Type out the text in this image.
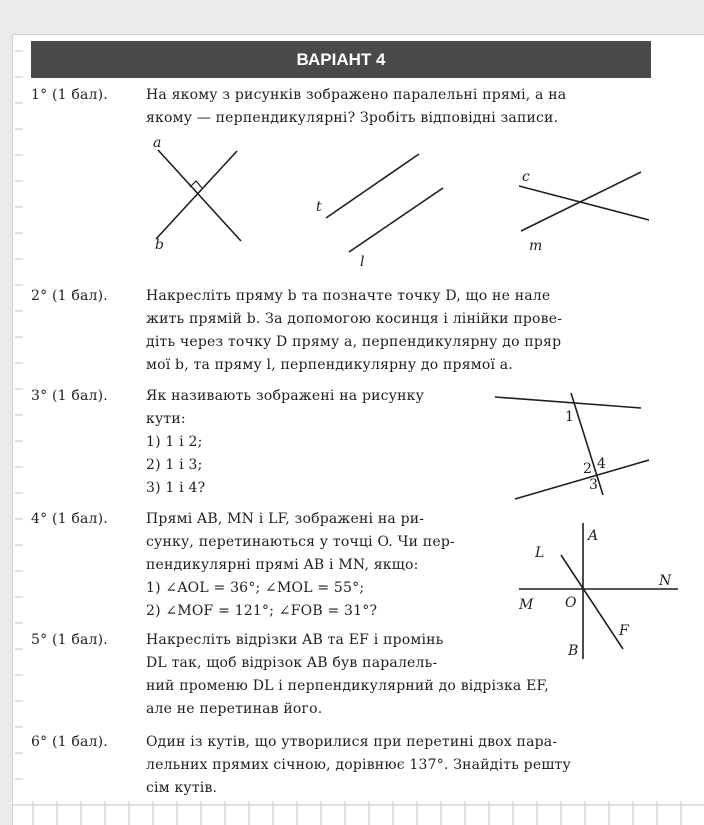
ВАРІАНТ 4
1° (1 бал).	На якому з рисунків зображено паралельні прямі, а на
якому — перпендикулярні? Зробіть відповідні записи.
a
b
t
l
c
m
2° (1 бал).	Накресліть пряму b та позначте точку D, що не нале
жить прямій b. За допомогою косинця і лінійки прове-
діть через точку D пряму a, перпендикулярну до пряр
мої b, та пряму l, перпендикулярну до прямої a.
3° (1 бал).	Як називають зображені на рисунку
кути:
1) 1 і 2;
2) 1 і 3;
3) 1 і 4?
1
2 4
3
4° (1 бал).	Прямі AB, MN і LF, зображені на ри-
сунку, перетинаються у точці O. Чи пер-
пендикулярні прямі AB і MN, якщо:
1) ∠AOL = 36°; ∠MOL = 55°;
2) ∠MOF = 121°; ∠FOB = 31°?
A
L
N
M O
F
B
5° (1 бал).	Накресліть відрізки AB та EF і промінь
DL так, щоб відрізок AB був паралель-
ний променю DL і перпендикулярний до відрізка EF,
але не перетинав його.
6° (1 бал).	Один із кутів, що утворилися при перетині двох пара-
лельних прямих січною, дорівнює 137°. Знайдіть решту
сім кутів.
